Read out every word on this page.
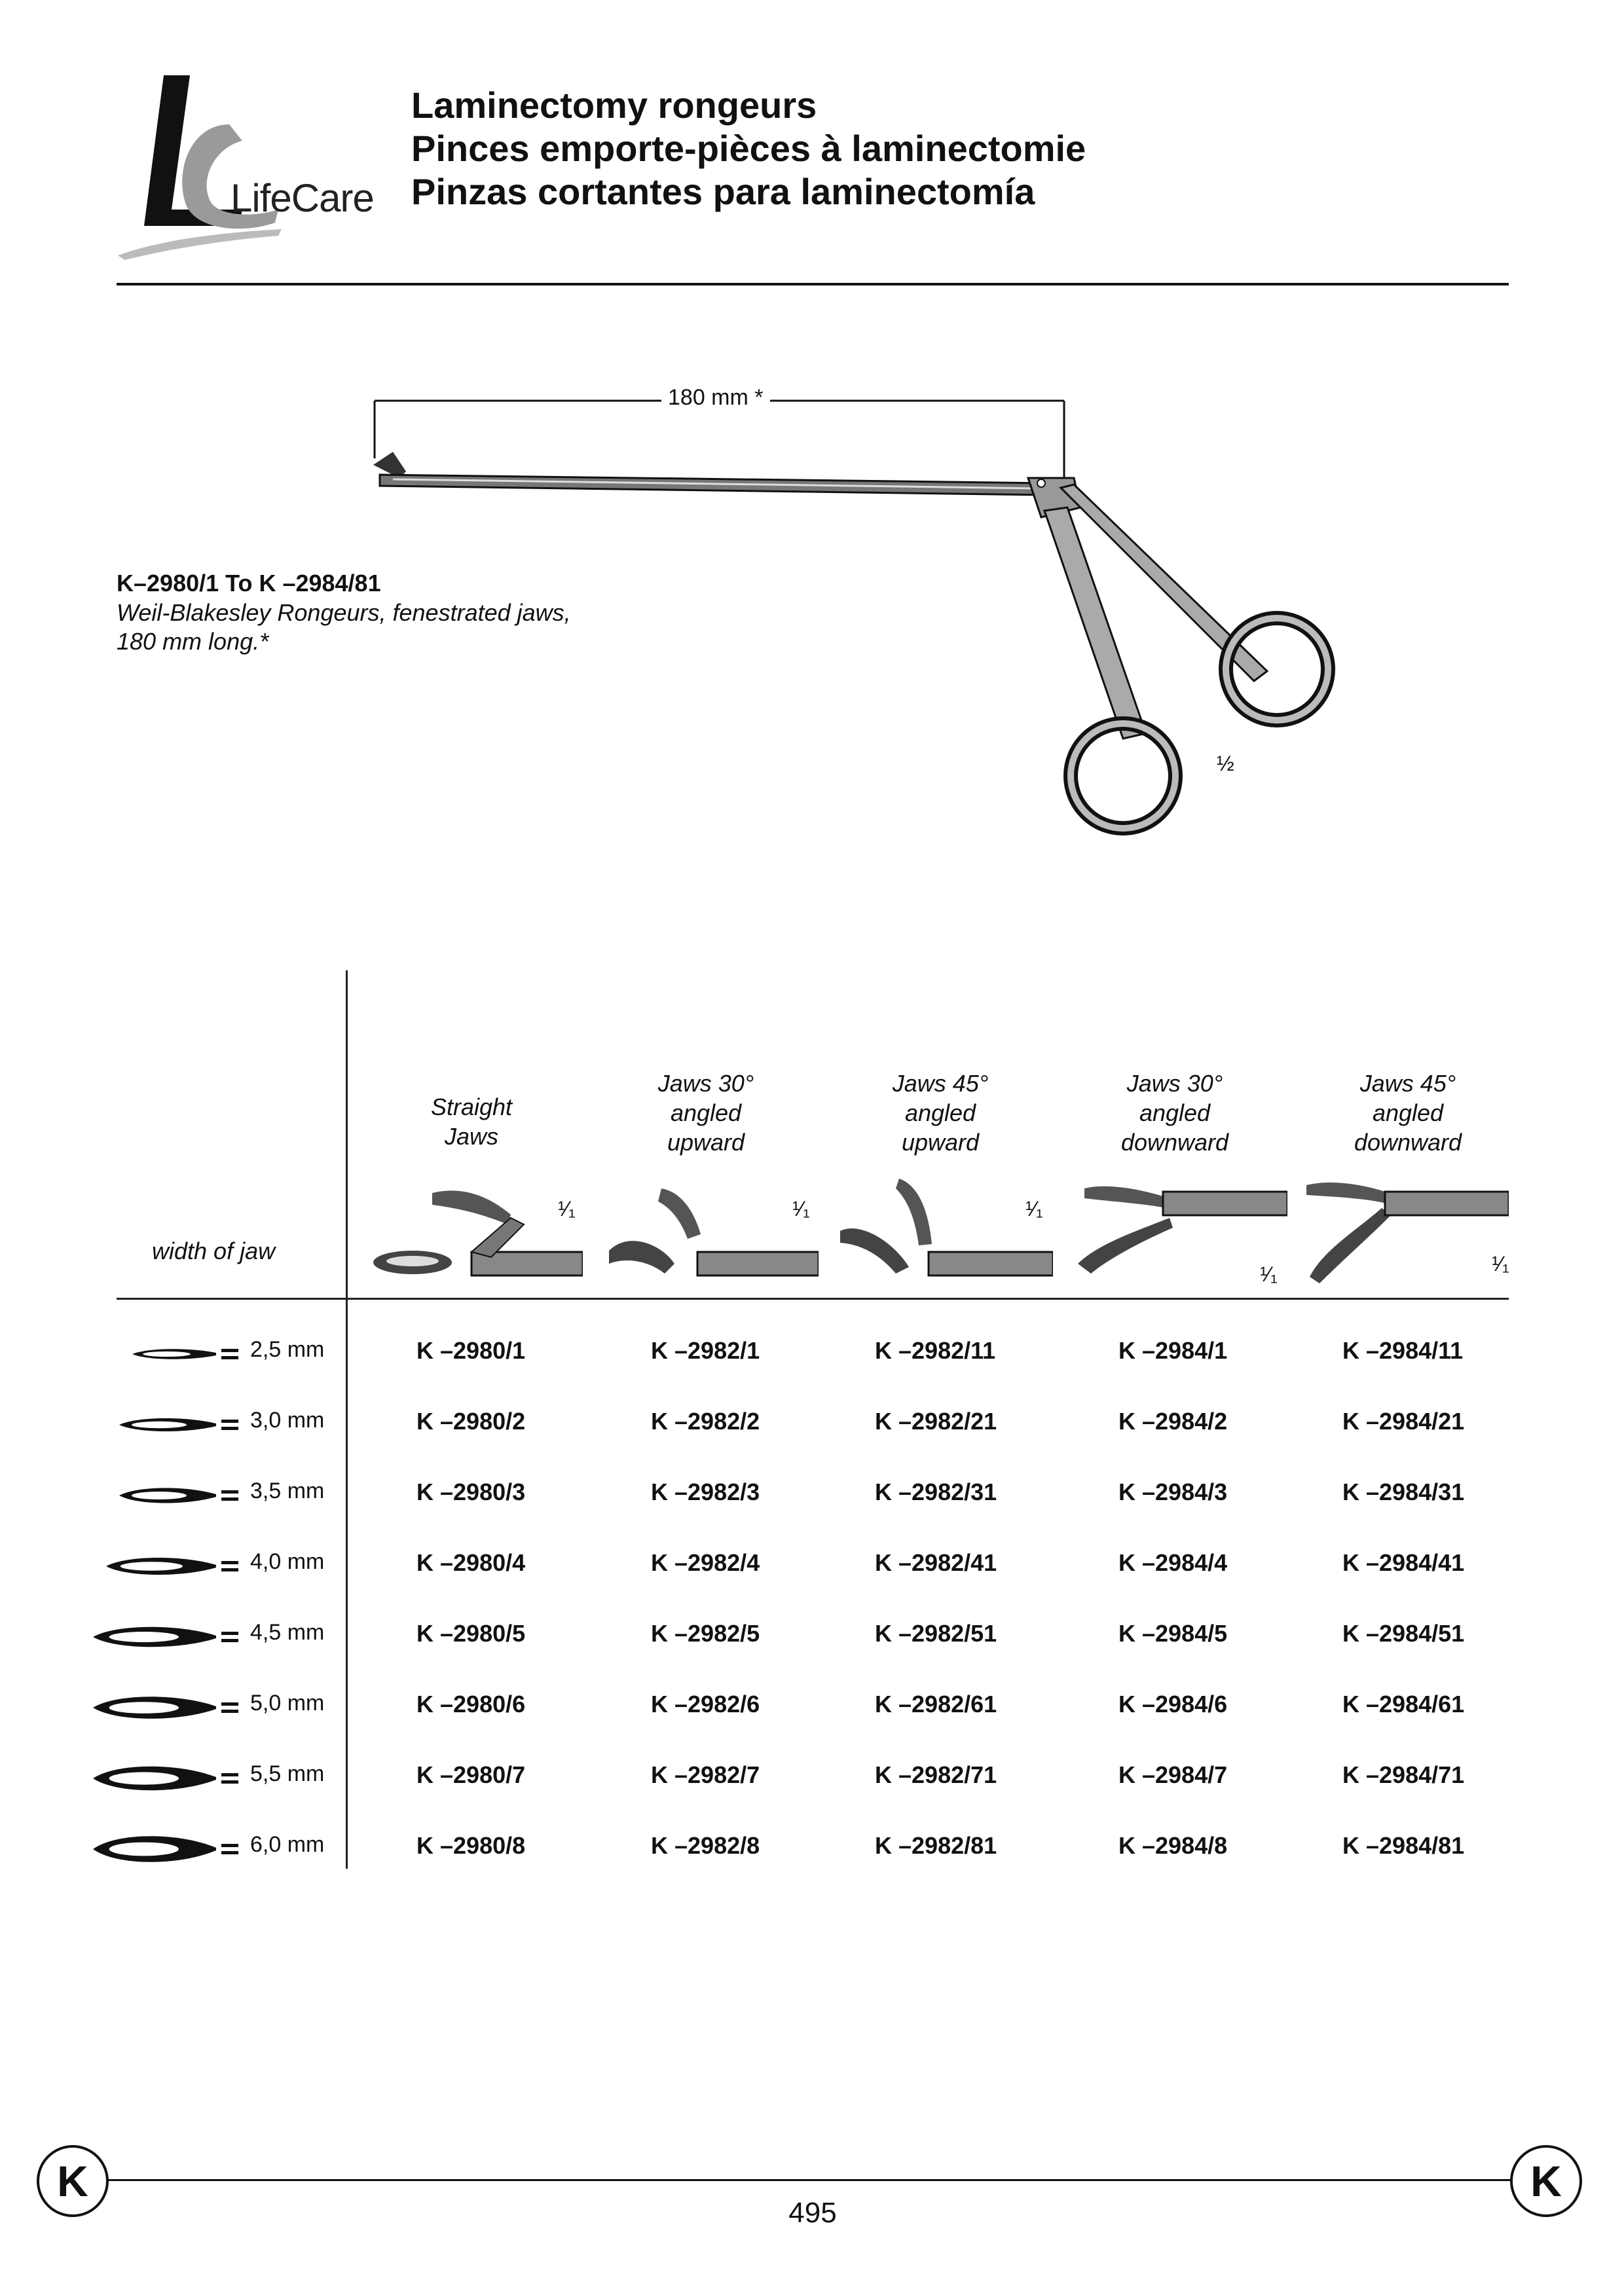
LifeCare
Laminectomy rongeurs
Pinces emporte-pièces à laminectomie
Pinzas cortantes para laminectomía
180 mm *
½
K–2980/1 To K –2984/81
Weil-Blakesley Rongeurs, fenestrated jaws,
180 mm long.*
Straight
Jaws
Jaws 30°
angled
upward
Jaws 45°
angled
upward
Jaws 30°
angled
downward
Jaws 45°
angled
downward
¹⁄₁	¹⁄₁	¹⁄₁
¹⁄₁	¹⁄₁
width of jaw
2,5 mm	K –2980/1	K –2982/1	K –2982/11	K –2984/1	K –2984/11
3,0 mm	K –2980/2	K –2982/2	K –2982/21	K –2984/2	K –2984/21
3,5 mm	K –2980/3	K –2982/3	K –2982/31	K –2984/3	K –2984/31
4,0 mm	K –2980/4	K –2982/4	K –2982/41	K –2984/4	K –2984/41
4,5 mm	K –2980/5	K –2982/5	K –2982/51	K –2984/5	K –2984/51
5,0 mm	K –2980/6	K –2982/6	K –2982/61	K –2984/6	K –2984/61
5,5 mm	K –2980/7	K –2982/7	K –2982/71	K –2984/7	K –2984/71
6,0 mm	K –2980/8	K –2982/8	K –2982/81	K –2984/8	K –2984/81
K	K
495
